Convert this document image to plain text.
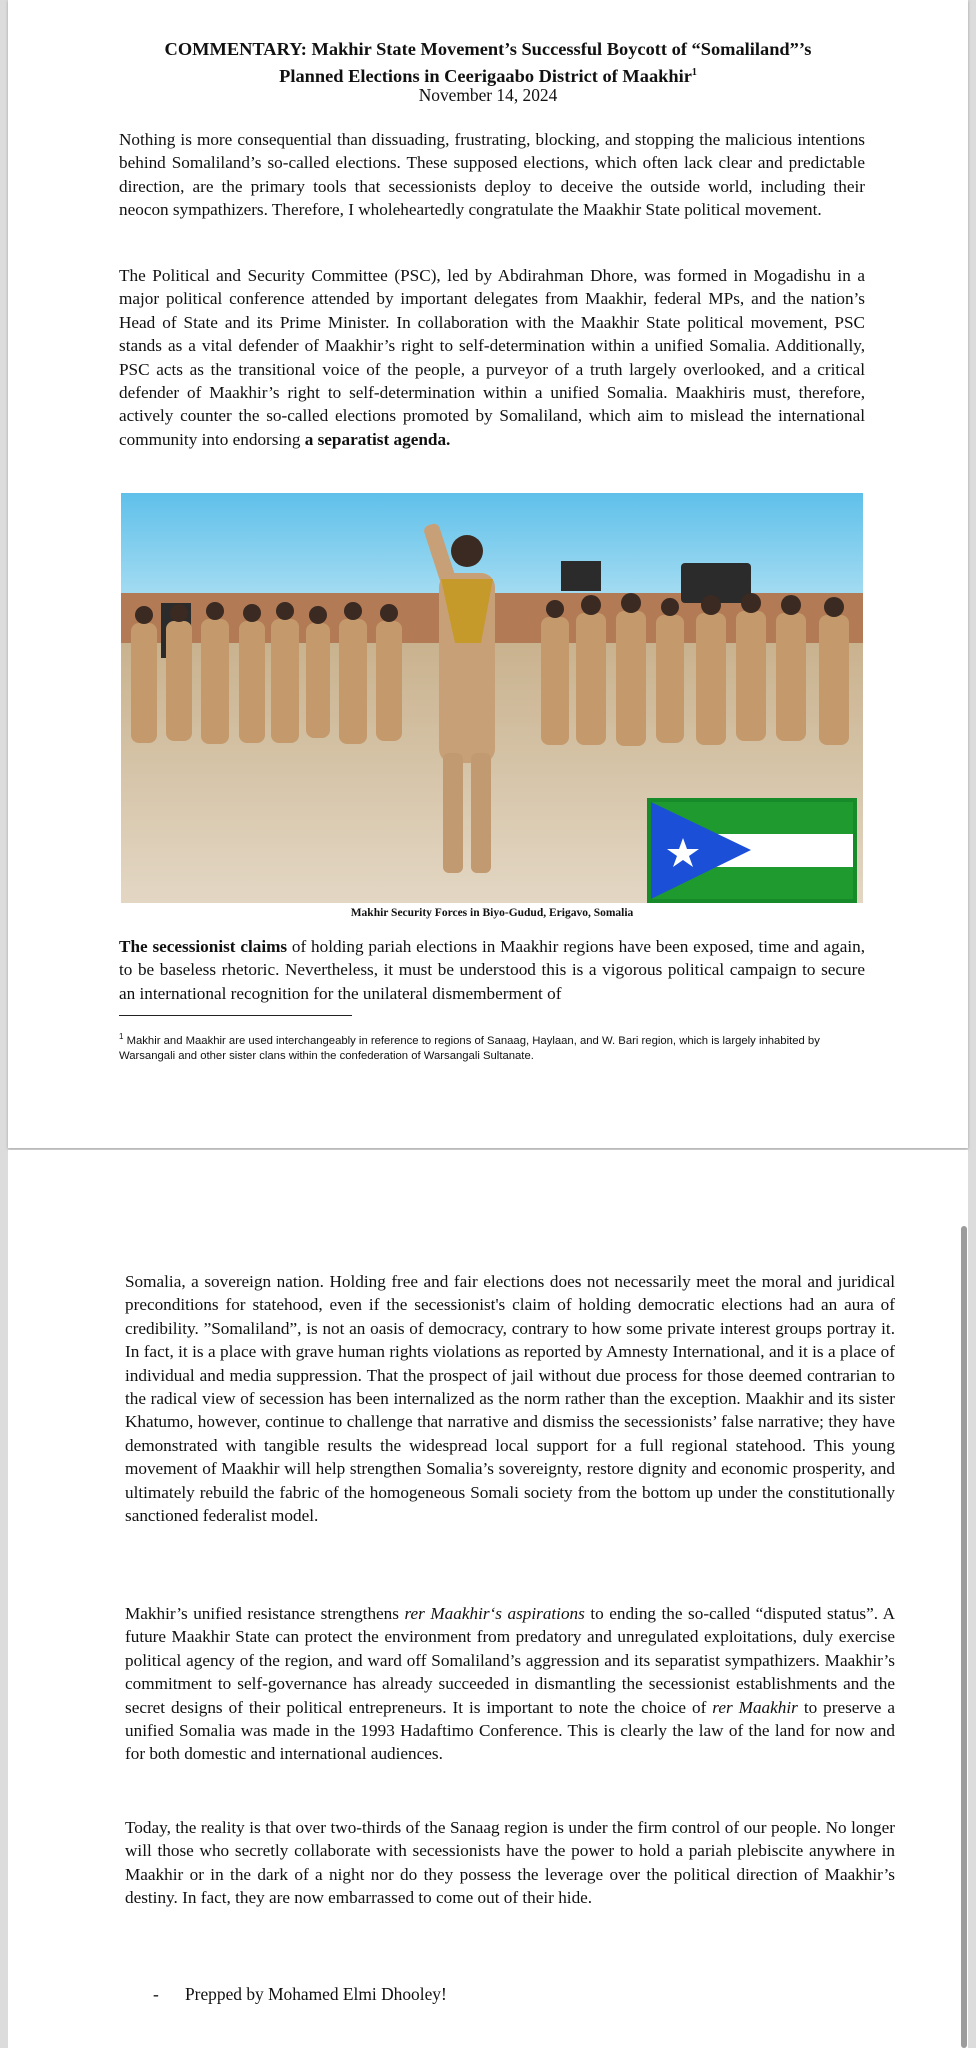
COMMENTARY: Makhir State Movement’s Successful Boycott of “Somaliland”’s
Planned Elections in Ceerigaabo District of Maakhir$^1$
November 14, 2024

Nothing is more consequential than dissuading, frustrating, blocking, and stopping the malicious intentions behind Somaliland’s so-called elections. These supposed elections, which often lack clear and predictable direction, are the primary tools that secessionists deploy to deceive the outside world, including their neocon sympathizers. Therefore, I wholeheartedly congratulate the Maakhir State political movement.

The Political and Security Committee (PSC), led by Abdirahman Dhore, was formed in Mogadishu in a major political conference attended by important delegates from Maakhir, federal MPs, and the nation’s Head of State and its Prime Minister. In collaboration with the Maakhir State political movement, PSC stands as a vital defender of Maakhir’s right to self-determination within a unified Somalia. Additionally, PSC acts as the transitional voice of the people, a purveyor of a truth largely overlooked, and a critical defender of Maakhir’s right to self-determination within a unified Somalia. Maakhiris must, therefore, actively counter the so-called elections promoted by Somaliland, which aim to mislead the international community into endorsing a separatist agenda.

Makhir Security Forces in Biyo-Gudud, Erigavo, Somalia

The secessionist claims of holding pariah elections in Maakhir regions have been exposed, time and again, to be baseless rhetoric. Nevertheless, it must be understood this is a vigorous political campaign to secure an international recognition for the unilateral dismemberment of

$^1$ Makhir and Maakhir are used interchangeably in reference to regions of Sanaag, Haylaan, and W. Bari region, which is largely inhabited by Warsangali and other sister clans within the confederation of Warsangali Sultanate.

Somalia, a sovereign nation. Holding free and fair elections does not necessarily meet the moral and juridical preconditions for statehood, even if the secessionist's claim of holding democratic elections had an aura of credibility. ”Somaliland”, is not an oasis of democracy, contrary to how some private interest groups portray it. In fact, it is a place with grave human rights violations as reported by Amnesty International, and it is a place of individual and media suppression. That the prospect of jail without due process for those deemed contrarian to the radical view of secession has been internalized as the norm rather than the exception. Maakhir and its sister Khatumo, however, continue to challenge that narrative and dismiss the secessionists’ false narrative; they have demonstrated with tangible results the widespread local support for a full regional statehood. This young movement of Maakhir will help strengthen Somalia’s sovereignty, restore dignity and economic prosperity, and ultimately rebuild the fabric of the homogeneous Somali society from the bottom up under the constitutionally sanctioned federalist model.

Makhir’s unified resistance strengthens rer Maakhir‘s aspirations to ending the so-called “disputed status”. A future Maakhir State can protect the environment from predatory and unregulated exploitations, duly exercise political agency of the region, and ward off Somaliland’s aggression and its separatist sympathizers. Maakhir’s commitment to self-governance has already succeeded in dismantling the secessionist establishments and the secret designs of their political entrepreneurs. It is important to note the choice of rer Maakhir to preserve a unified Somalia was made in the 1993 Hadaftimo Conference. This is clearly the law of the land for now and for both domestic and international audiences.

Today, the reality is that over two-thirds of the Sanaag region is under the firm control of our people. No longer will those who secretly collaborate with secessionists have the power to hold a pariah plebiscite anywhere in Maakhir or in the dark of a night nor do they possess the leverage over the political direction of Maakhir’s destiny. In fact, they are now embarrassed to come out of their hide.

- Prepped by Mohamed Elmi Dhooley!
